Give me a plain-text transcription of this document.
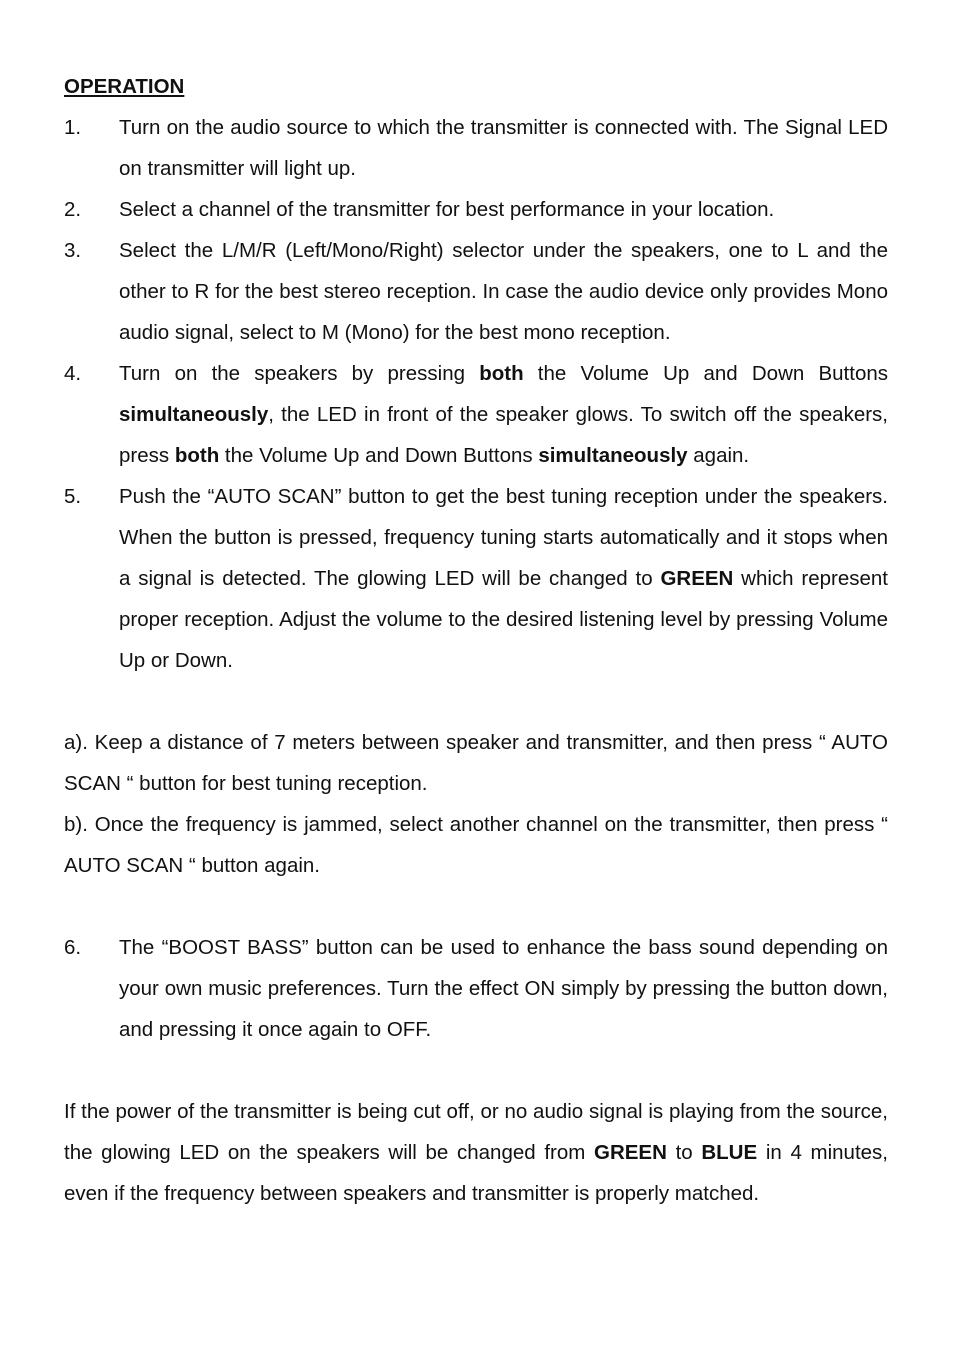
OPERATION

1. Turn on the audio source to which the transmitter is connected with. The Signal LED on transmitter will light up.
2. Select a channel of the transmitter for best performance in your location.
3. Select the L/M/R (Left/Mono/Right) selector under the speakers, one to L and the other to R for the best stereo reception. In case the audio device only provides Mono audio signal, select to M (Mono) for the best mono reception.
4. Turn on the speakers by pressing both the Volume Up and Down Buttons simultaneously, the LED in front of the speaker glows. To switch off the speakers, press both the Volume Up and Down Buttons simultaneously again.
5. Push the “AUTO SCAN” button to get the best tuning reception under the speakers. When the button is pressed, frequency tuning starts automatically and it stops when a signal is detected. The glowing LED will be changed to GREEN which represent proper reception. Adjust the volume to the desired listening level by pressing Volume Up or Down.

a). Keep a distance of 7 meters between speaker and transmitter, and then press “ AUTO SCAN “ button for best tuning reception.

b). Once the frequency is jammed, select another channel on the transmitter, then press “ AUTO SCAN “ button again.

6. The “BOOST BASS” button can be used to enhance the bass sound depending on your own music preferences. Turn the effect ON simply by pressing the button down, and pressing it once again to OFF.

If the power of the transmitter is being cut off, or no audio signal is playing from the source, the glowing LED on the speakers will be changed from GREEN to BLUE in 4 minutes, even if the frequency between speakers and transmitter is properly matched.
